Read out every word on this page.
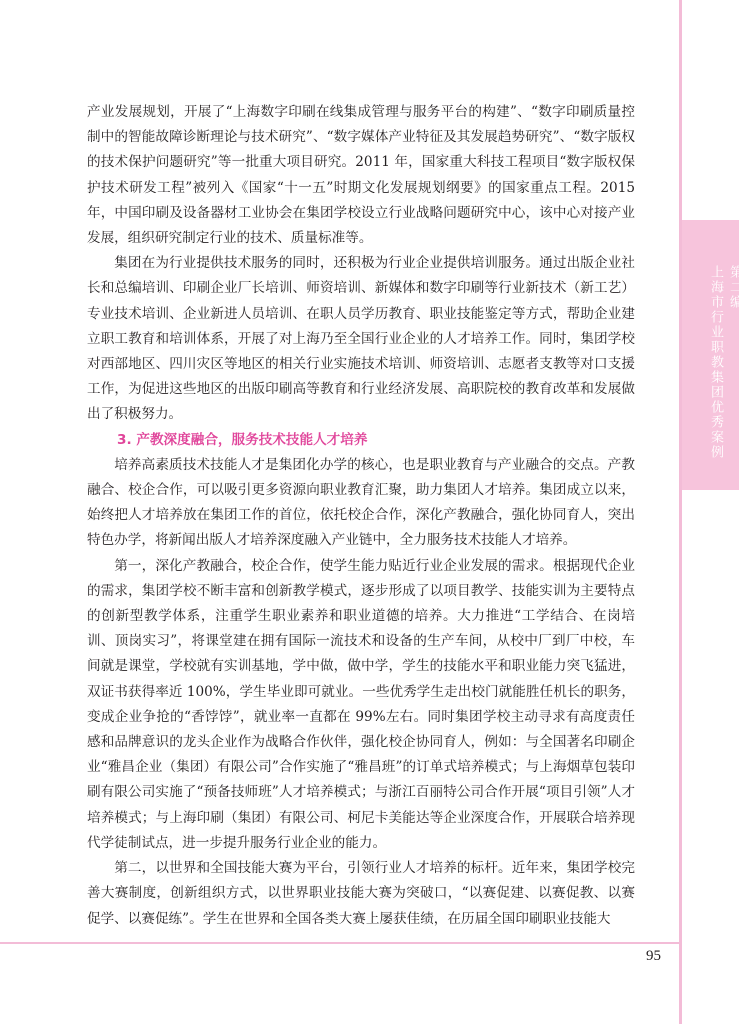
第二编
上海市行业职教集团优秀案例

产业发展规划，开展了“上海数字印刷在线集成管理与服务平台的构建”、“数字印刷质量控制中的智能故障诊断理论与技术研究”、“数字媒体产业特征及其发展趋势研究”、“数字版权的技术保护问题研究”等一批重大项目研究。2011 年，国家重大科技工程项目“数字版权保护技术研发工程”被列入《国家“十一五”时期文化发展规划纲要》的国家重点工程。2015 年，中国印刷及设备器材工业协会在集团学校设立行业战略问题研究中心，该中心对接产业发展，组织研究制定行业的技术、质量标准等。

集团在为行业提供技术服务的同时，还积极为行业企业提供培训服务。通过出版企业社长和总编培训、印刷企业厂长培训、师资培训、新媒体和数字印刷等行业新技术（新工艺）专业技术培训、企业新进人员培训、在职人员学历教育、职业技能鉴定等方式，帮助企业建立职工教育和培训体系，开展了对上海乃至全国行业企业的人才培养工作。同时，集团学校对西部地区、四川灾区等地区的相关行业实施技术培训、师资培训、志愿者支教等对口支援工作，为促进这些地区的出版印刷高等教育和行业经济发展、高职院校的教育改革和发展做出了积极努力。

3. 产教深度融合，服务技术技能人才培养

培养高素质技术技能人才是集团化办学的核心，也是职业教育与产业融合的交点。产教融合、校企合作，可以吸引更多资源向职业教育汇聚，助力集团人才培养。集团成立以来，始终把人才培养放在集团工作的首位，依托校企合作，深化产教融合，强化协同育人，突出特色办学，将新闻出版人才培养深度融入产业链中，全力服务技术技能人才培养。

第一，深化产教融合，校企合作，使学生能力贴近行业企业发展的需求。根据现代企业的需求，集团学校不断丰富和创新教学模式，逐步形成了以项目教学、技能实训为主要特点的创新型教学体系，注重学生职业素养和职业道德的培养。大力推进“工学结合、在岗培训、顶岗实习”，将课堂建在拥有国际一流技术和设备的生产车间，从校中厂到厂中校，车间就是课堂，学校就有实训基地，学中做，做中学，学生的技能水平和职业能力突飞猛进，双证书获得率近 100%，学生毕业即可就业。一些优秀学生走出校门就能胜任机长的职务，变成企业争抢的“香饽饽”，就业率一直都在 99%左右。同时集团学校主动寻求有高度责任感和品牌意识的龙头企业作为战略合作伙伴，强化校企协同育人，例如：与全国著名印刷企业“雅昌企业（集团）有限公司”合作实施了“雅昌班”的订单式培养模式；与上海烟草包装印刷有限公司实施了“预备技师班”人才培养模式；与浙江百丽特公司合作开展“项目引领”人才培养模式；与上海印刷（集团）有限公司、柯尼卡美能达等企业深度合作，开展联合培养现代学徒制试点，进一步提升服务行业企业的能力。

第二，以世界和全国技能大赛为平台，引领行业人才培养的标杆。近年来，集团学校完善大赛制度，创新组织方式，以世界职业技能大赛为突破口，“以赛促建、以赛促教、以赛促学、以赛促练”。学生在世界和全国各类大赛上屡获佳绩，在历届全国印刷职业技能大

95
